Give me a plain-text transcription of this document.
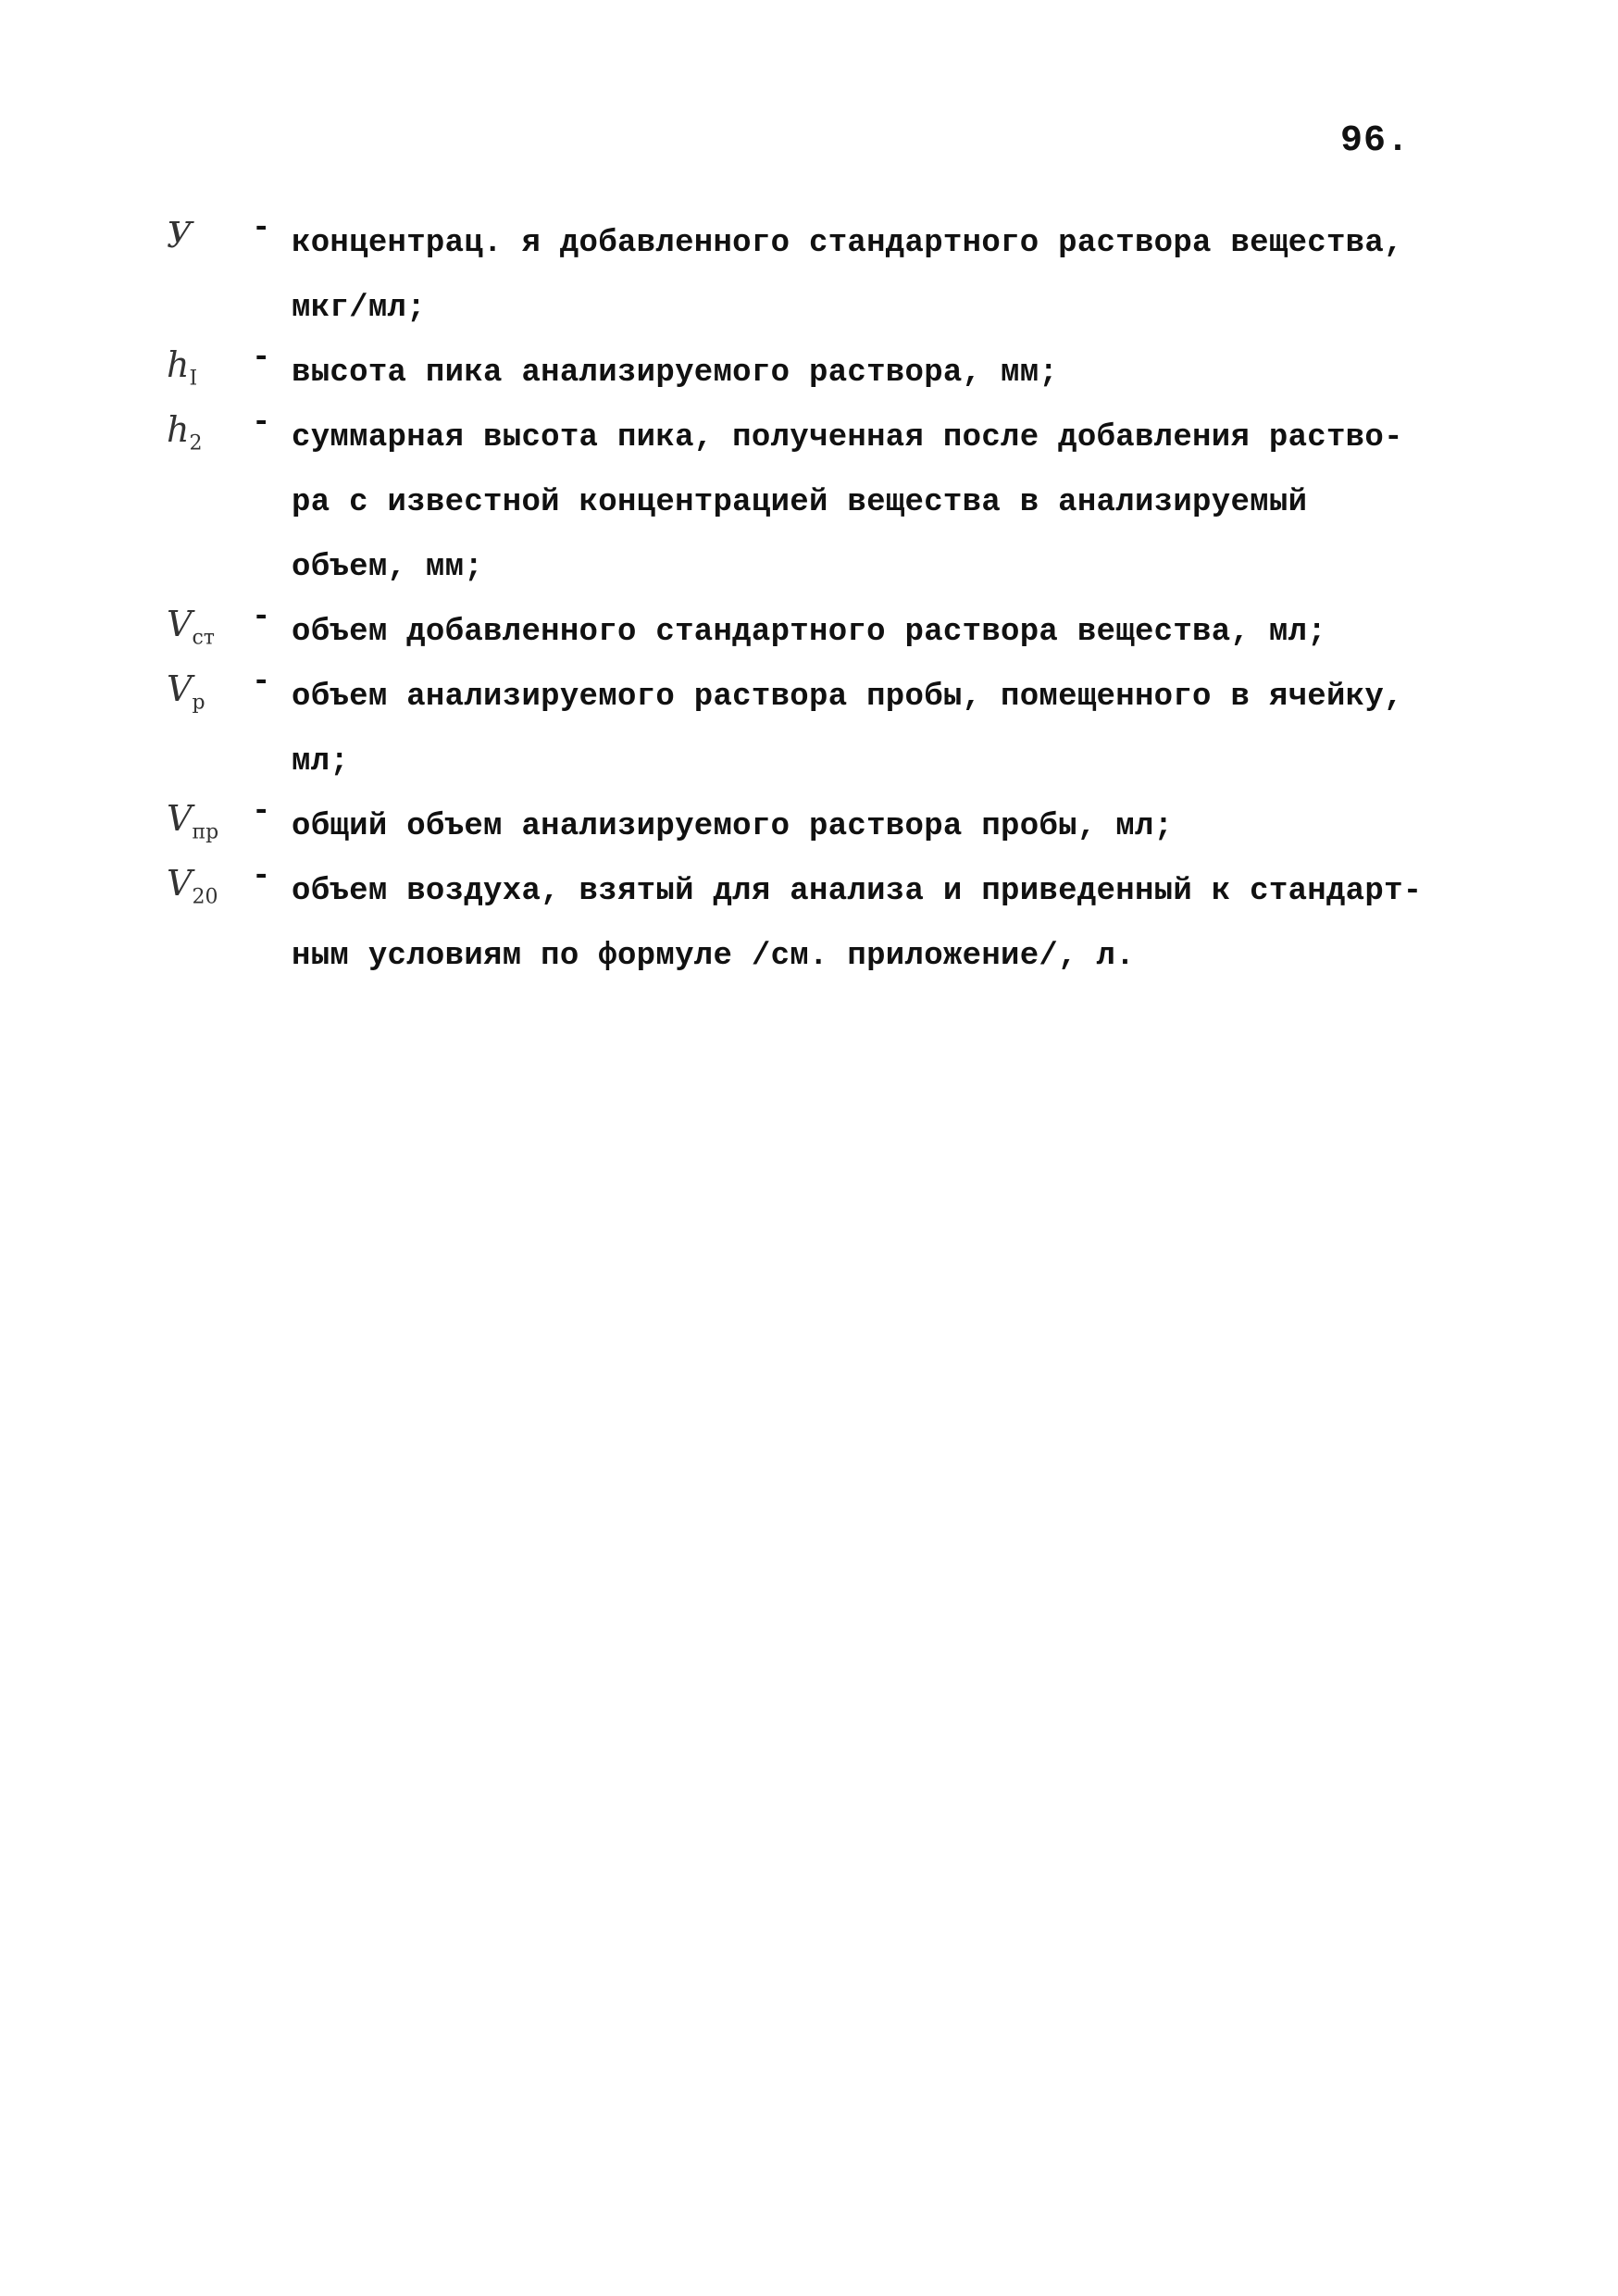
96.
У	- концентрац. я добавленного стандартного раствора вещества,
мкг/мл;
$h_I$
- высота пика анализируемого раствора, мм;
$h_2$
- суммарная высота пика, полученная после добавления раство-
ра с известной концентрацией вещества в анализируемый
объем, мм;
$V_{ст}$
- объем добавленного стандартного раствора вещества, мл;
$V_р$
- объем анализируемого раствора пробы, помещенного в ячейку,
мл;
$V_{пр}$
- общий объем анализируемого раствора пробы, мл;
$V_{20}$
- объем воздуха, взятый для анализа и приведенный к стандарт-
ным условиям по формуле /см. приложение/, л.
